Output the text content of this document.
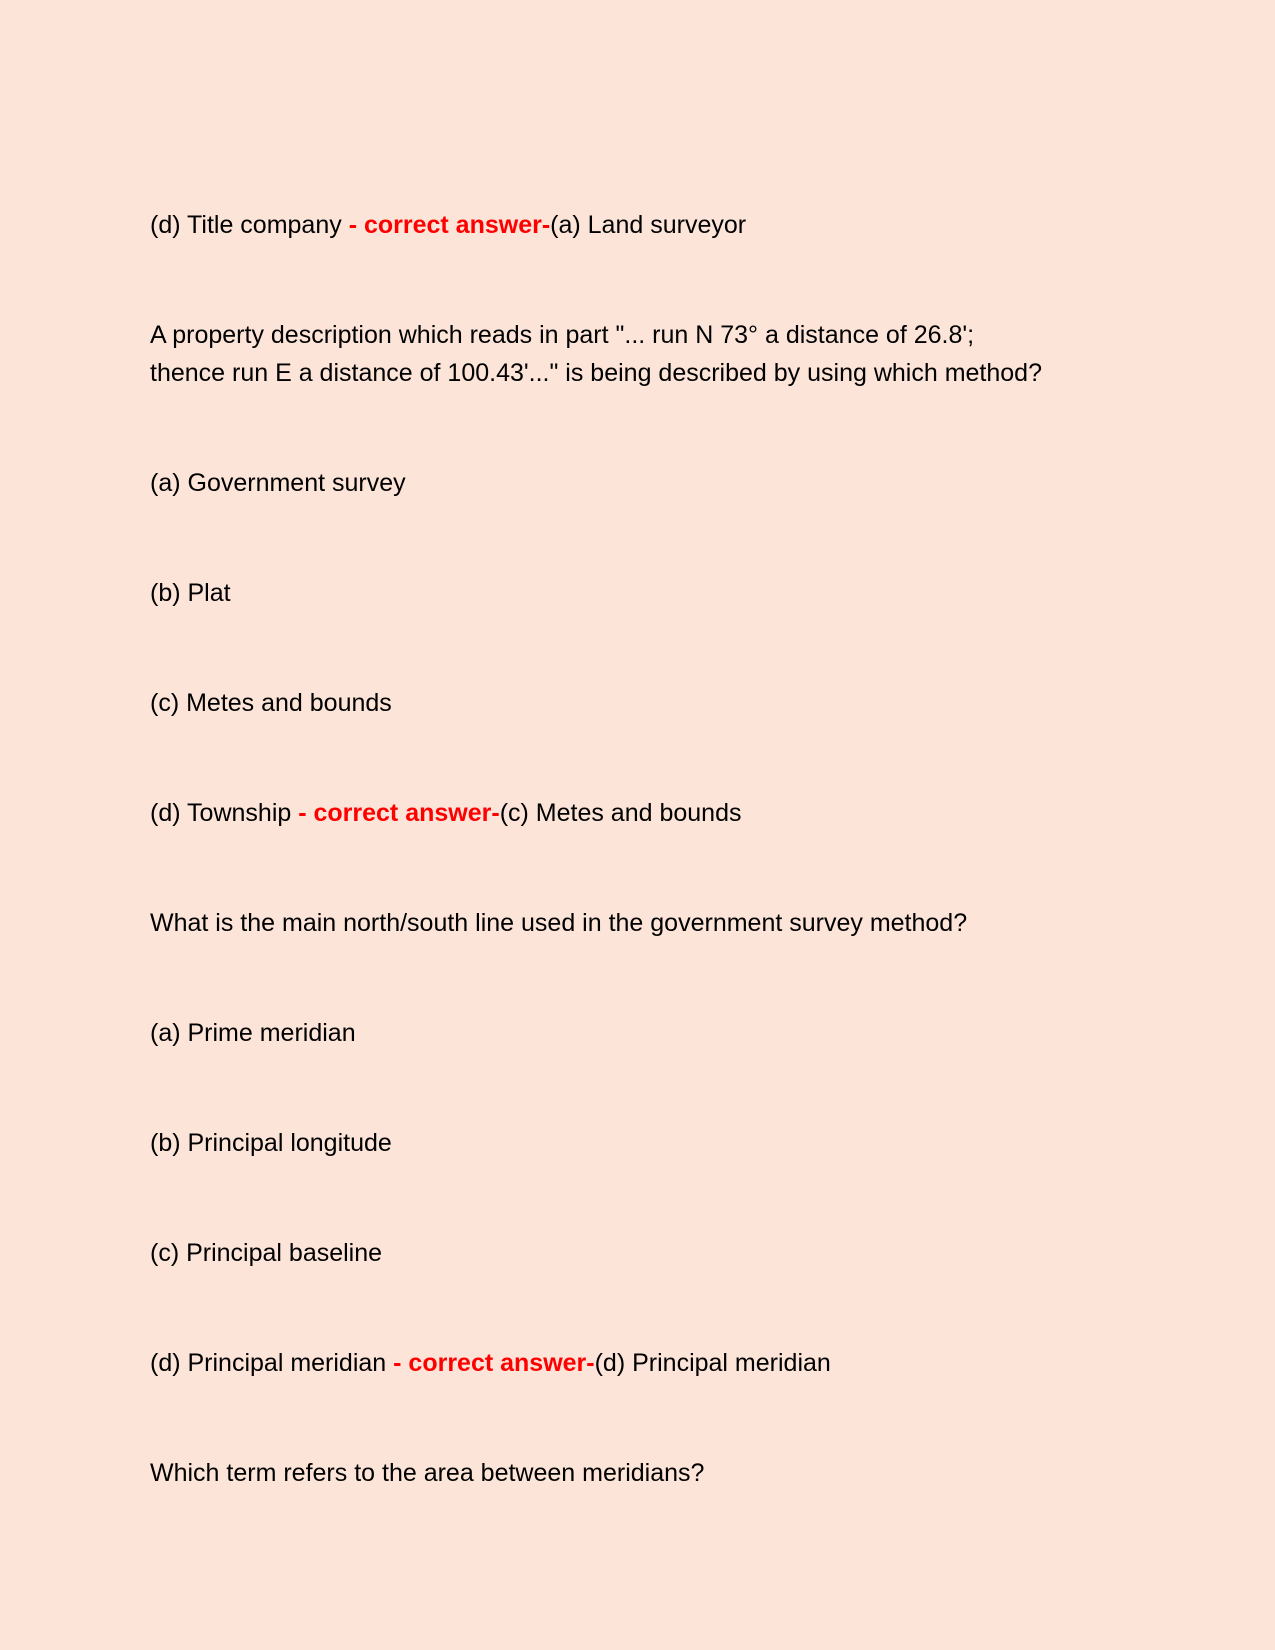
(d) Title company - correct answer-(a) Land surveyor
A property description which reads in part "... run N 73° a distance of 26.8';
thence run E a distance of 100.43'..." is being described by using which method?
(a) Government survey
(b) Plat
(c) Metes and bounds
(d) Township - correct answer-(c) Metes and bounds
What is the main north/south line used in the government survey method?
(a) Prime meridian
(b) Principal longitude
(c) Principal baseline
(d) Principal meridian - correct answer-(d) Principal meridian
Which term refers to the area between meridians?
